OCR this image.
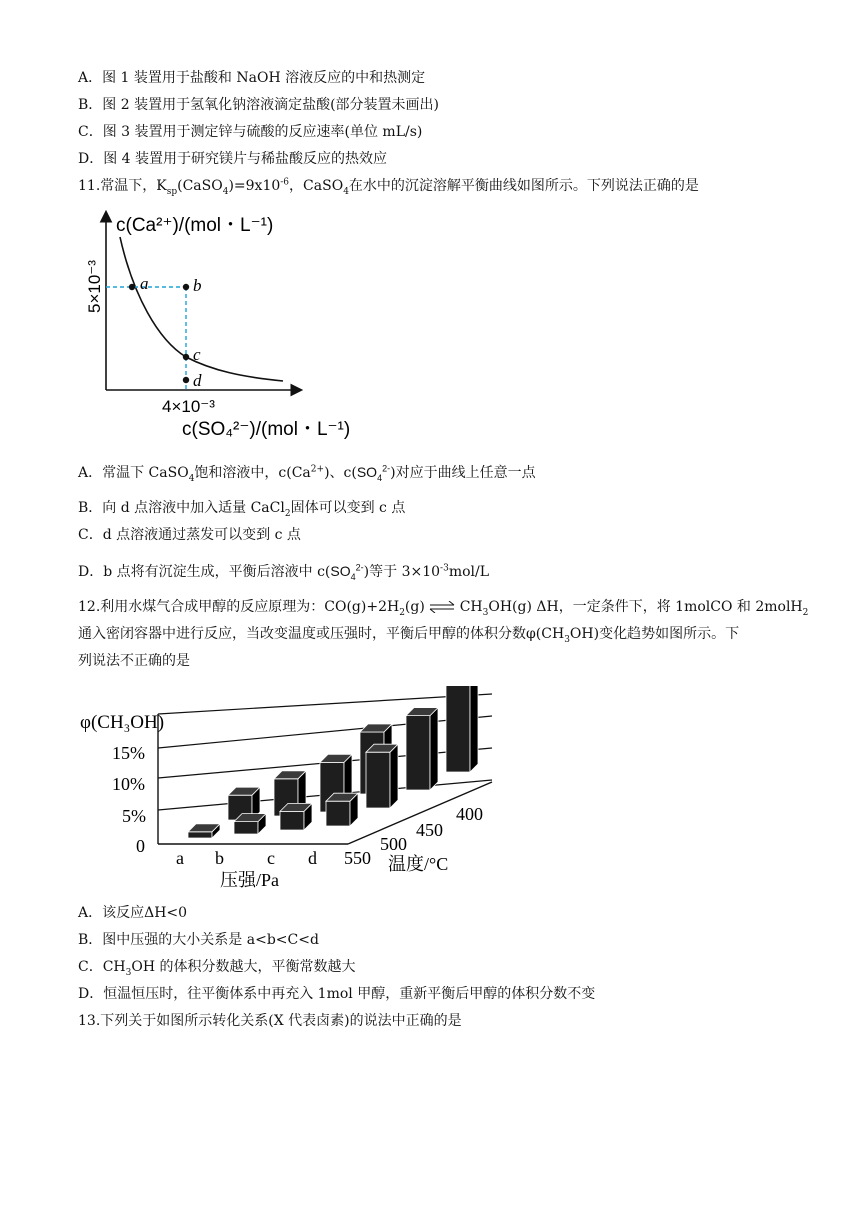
A．图 1 装置用于盐酸和 NaOH 溶液反应的中和热测定
B．图 2 装置用于氢氧化钠溶液滴定盐酸(部分装置未画出)
C．图 3 装置用于测定锌与硫酸的反应速率(单位 mL/s)
D．图 4 装置用于研究镁片与稀盐酸反应的热效应
11.常温下，$K_{sp}(CaSO_4)=9x10^{-6}$，CaSO$_4$在水中的沉淀溶解平衡曲线如图所示。下列说法正确的是
a	b
c
d
c(Ca²⁺)/(mol・L⁻¹)
5×10⁻³
4×10⁻³
c(SO₄²⁻)/(mol・L⁻¹)
A．常温下 CaSO$_4$饱和溶液中，$c(Ca^{2+})$、$c(SO_4^{2-})$对应于曲线上任意一点
B．向 d 点溶液中加入适量 CaCl$_2$固体可以变到 c 点
C．d 点溶液通过蒸发可以变到 c 点
D．b 点将有沉淀生成，平衡后溶液中 $c(SO_4^{2-})$等于 $3\times 10^{-3}mol/L$
12.利用水煤气合成甲醇的反应原理为：$CO(g)+2H_2(g)$ ⇌ $CH_3OH(g)$ ΔH，一定条件下，将 1molCO 和 2molH$_2$
通入密闭容器中进行反应，当改变温度或压强时，平衡后甲醇的体积分数$\varphi(CH_3OH)$变化趋势如图所示。下
列说法不正确的是
φ(CH₃OH)
15%
10%
5%
0
a b c d
压强/Pa
400
450
500
550 温度/°C
A．该反应ΔH<0
B．图中压强的大小关系是 a<b<C<d
C．$CH_3OH$ 的体积分数越大，平衡常数越大
D．恒温恒压时，往平衡体系中再充入 1mol 甲醇，重新平衡后甲醇的体积分数不变
13.下列关于如图所示转化关系(X 代表卤素)的说法中正确的是
